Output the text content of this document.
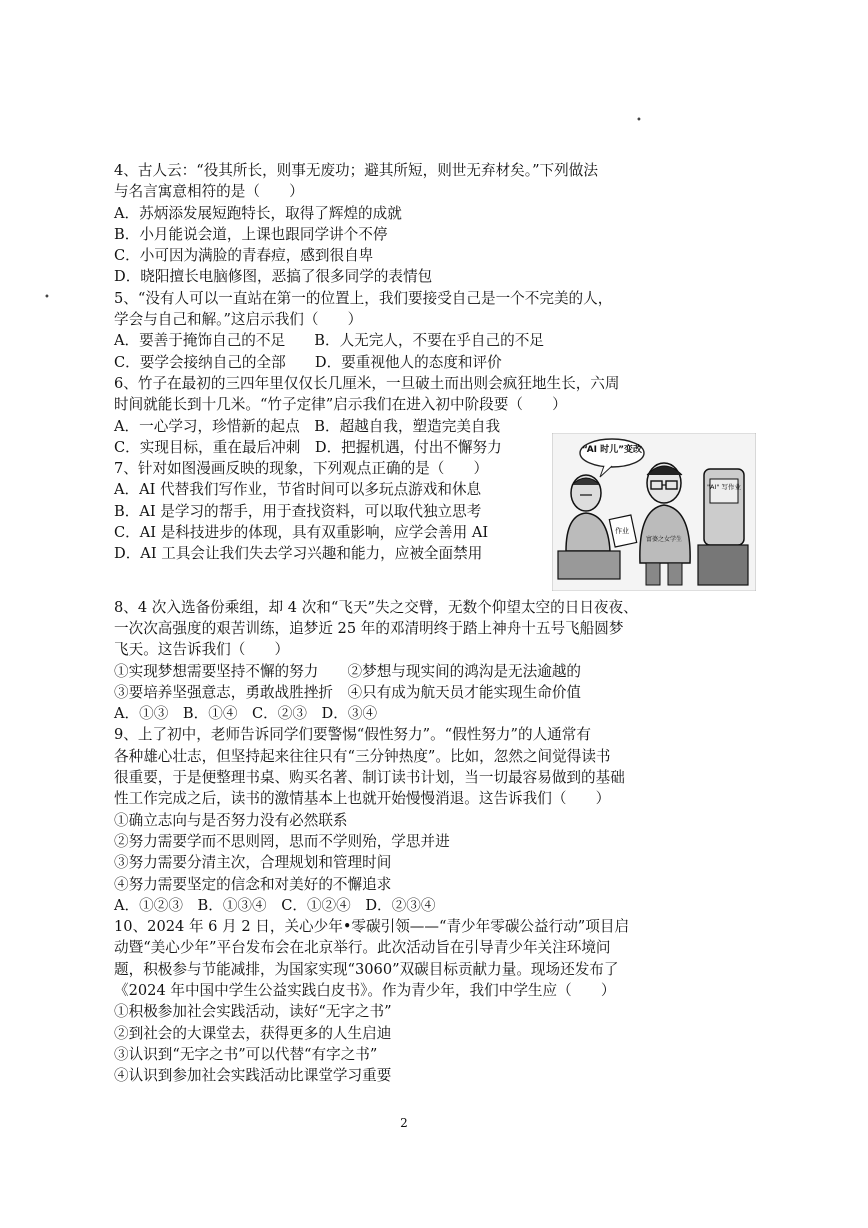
•
•
4、古人云：“役其所长，则事无废功；避其所短，则世无弃材矣。”下列做法
与名言寓意相符的是（　　）
A．苏炳添发展短跑特长，取得了辉煌的成就
B．小月能说会道，上课也跟同学讲个不停
C．小可因为满脸的青春痘，感到很自卑
D．晓阳擅长电脑修图，恶搞了很多同学的表情包
5、“没有人可以一直站在第一的位置上，我们要接受自己是一个不完美的人，
学会与自己和解。”这启示我们（　　）
A．要善于掩饰自己的不足　　B．人无完人，不要在乎自己的不足
C．要学会接纳自己的全部　　D．要重视他人的态度和评价
6、竹子在最初的三四年里仅仅长几厘米，一旦破土而出则会疯狂地生长，六周
时间就能长到十几米。“竹子定律”启示我们在进入初中阶段要（　　）
A．一心学习，珍惜新的起点　B．超越自我，塑造完美自我
C．实现目标，重在最后冲刺　D．把握机遇，付出不懈努力
7、针对如图漫画反映的现象，下列观点正确的是（　　）
A．AI 代替我们写作业，节省时间可以多玩点游戏和休息
B．AI 是学习的帮手，用于查找资料，可以取代独立思考
C．AI 是科技进步的体现，具有双重影响，应学会善用 AI
D．AI 工具会让我们失去学习兴趣和能力，应被全面禁用
8、4 次入选备份乘组，却 4 次和“飞天”失之交臂，无数个仰望太空的日日夜夜、
一次次高强度的艰苦训练，追梦近 25 年的邓清明终于踏上神舟十五号飞船圆梦
飞天。这告诉我们（　　）
①实现梦想需要坚持不懈的努力　　②梦想与现实间的鸿沟是无法逾越的
③要培养坚强意志，勇敢战胜挫折　④只有成为航天员才能实现生命价值
A．①③　B．①④　C．②③　D．③④
9、上了初中，老师告诉同学们要警惕“假性努力”。“假性努力”的人通常有
各种雄心壮志，但坚持起来往往只有“三分钟热度”。比如，忽然之间觉得读书
很重要，于是便整理书桌、购买名著、制订读书计划，当一切最容易做到的基础
性工作完成之后，读书的激情基本上也就开始慢慢消退。这告诉我们（　　）
①确立志向与是否努力没有必然联系
②努力需要学而不思则罔，思而不学则殆，学思并进
③努力需要分清主次，合理规划和管理时间
④努力需要坚定的信念和对美好的不懈追求
A．①②③　B．①③④　C．①②④　D．②③④
10、2024 年 6 月 2 日，关心少年•零碳引领——“青少年零碳公益行动”项目启
动暨“美心少年”平台发布会在北京举行。此次活动旨在引导青少年关注环境问
题，积极参与节能减排，为国家实现“3060”双碳目标贡献力量。现场还发布了
《2024 年中国中学生公益实践白皮书》。作为青少年，我们中学生应（　　）
①积极参加社会实践活动，读好“无字之书”
②到社会的大课堂去，获得更多的人生启迪
③认识到“无字之书”可以代替“有字之书”
④认识到参加社会实践活动比课堂学习重要
“AI 时儿”变改
作业
富婆之女学生
"AI" 写作业
2
